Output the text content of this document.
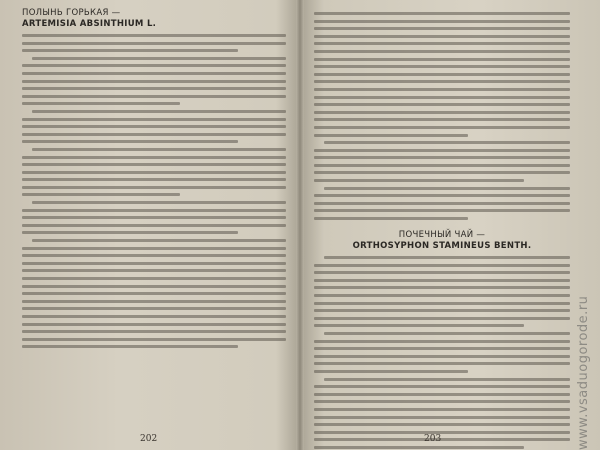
ПОЛЫНЬ ГОРЬКАЯ —

ARTEMISIA ABSINTHIUM L.

202

ПОЧЕЧНЫЙ ЧАЙ —

ORTHOSYPHON STAMINEUS BENTH.

203	www.vsaduogorode.ru
